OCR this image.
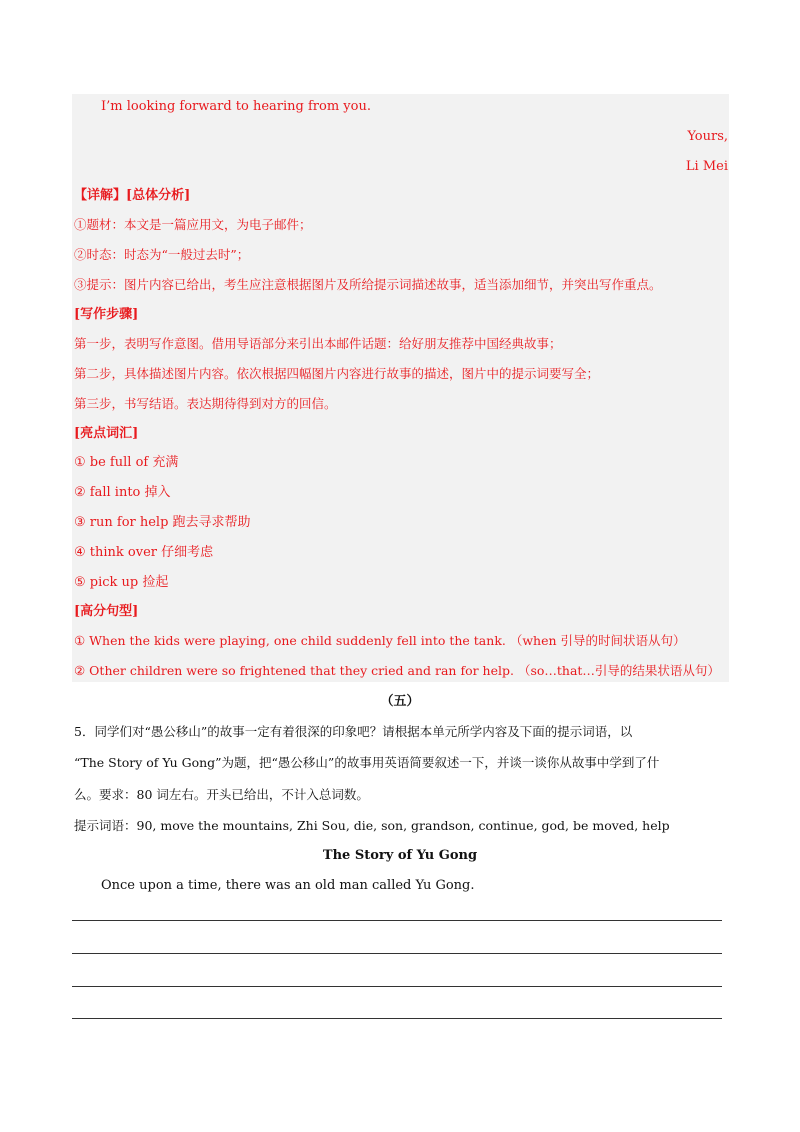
I’m looking forward to hearing from you.
Yours,
Li Mei
【详解】[总体分析]
①题材：本文是一篇应用文，为电子邮件；
②时态：时态为“一般过去时”；
③提示：图片内容已给出，考生应注意根据图片及所给提示词描述故事，适当添加细节，并突出写作重点。
[写作步骤]
第一步，表明写作意图。借用导语部分来引出本邮件话题：给好朋友推荐中国经典故事；
第二步，具体描述图片内容。依次根据四幅图片内容进行故事的描述，图片中的提示词要写全；
第三步，书写结语。表达期待得到对方的回信。
[亮点词汇]
① be full of 充满
② fall into 掉入
③ run for help 跑去寻求帮助
④ think over 仔细考虑
⑤ pick up 捡起
[高分句型]
① When the kids were playing, one child suddenly fell into the tank. （when 引导的时间状语从句）
② Other children were so frightened that they cried and ran for help. （so…that…引导的结果状语从句）
（五）
5．同学们对“愚公移山”的故事一定有着很深的印象吧？请根据本单元所学内容及下面的提示词语，以
“The Story of Yu Gong”为题，把“愚公移山”的故事用英语简要叙述一下，并谈一谈你从故事中学到了什
么。要求：80 词左右。开头已给出，不计入总词数。
提示词语：90, move the mountains, Zhi Sou, die, son, grandson, continue, god, be moved, help
The Story of Yu Gong
Once upon a time, there was an old man called Yu Gong.
